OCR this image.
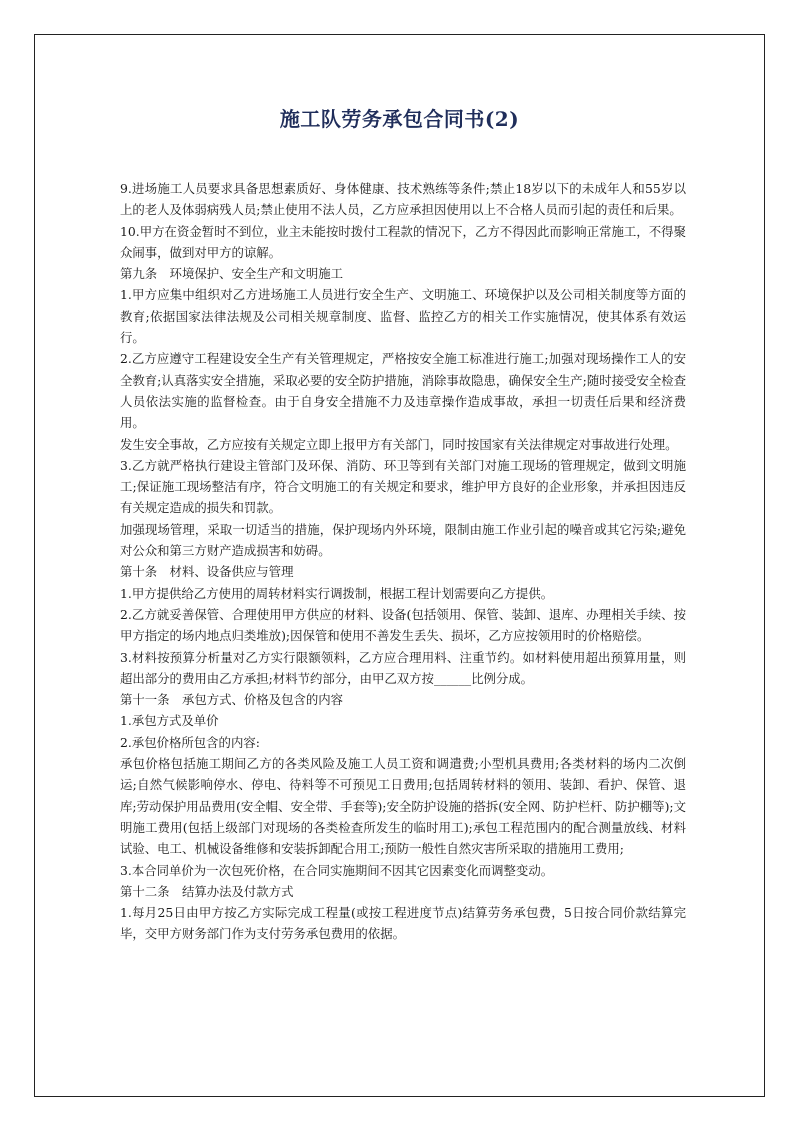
施工队劳务承包合同书(2)

9.进场施工人员要求具备思想素质好、身体健康、技术熟练等条件;禁止18岁以下的未成年人和55岁以上的老人及体弱病残人员;禁止使用不法人员，乙方应承担因使用以上不合格人员而引起的责任和后果。

10.甲方在资金暂时不到位，业主未能按时拨付工程款的情况下，乙方不得因此而影响正常施工，不得聚众闹事，做到对甲方的谅解。

第九条　环境保护、安全生产和文明施工

1.甲方应集中组织对乙方进场施工人员进行安全生产、文明施工、环境保护以及公司相关制度等方面的教育;依据国家法律法规及公司相关规章制度、监督、监控乙方的相关工作实施情况，使其体系有效运行。

2.乙方应遵守工程建设安全生产有关管理规定，严格按安全施工标准进行施工;加强对现场操作工人的安全教育;认真落实安全措施，采取必要的安全防护措施，消除事故隐患，确保安全生产;随时接受安全检查人员依法实施的监督检查。由于自身安全措施不力及违章操作造成事故，承担一切责任后果和经济费用。

发生安全事故，乙方应按有关规定立即上报甲方有关部门，同时按国家有关法律规定对事故进行处理。

3.乙方就严格执行建设主管部门及环保、消防、环卫等到有关部门对施工现场的管理规定，做到文明施工;保证施工现场整洁有序，符合文明施工的有关规定和要求，维护甲方良好的企业形象，并承担因违反有关规定造成的损失和罚款。

加强现场管理，采取一切适当的措施，保护现场内外环境，限制由施工作业引起的噪音或其它污染;避免对公众和第三方财产造成损害和妨碍。

第十条　材料、设备供应与管理

1.甲方提供给乙方使用的周转材料实行调拨制，根据工程计划需要向乙方提供。

2.乙方就妥善保管、合理使用甲方供应的材料、设备(包括领用、保管、装卸、退库、办理相关手续、按甲方指定的场内地点归类堆放);因保管和使用不善发生丢失、损坏，乙方应按领用时的价格赔偿。

3.材料按预算分析量对乙方实行限额领料，乙方应合理用料、注重节约。如材料使用超出预算用量，则超出部分的费用由乙方承担;材料节约部分，由甲乙双方按______比例分成。

第十一条　承包方式、价格及包含的内容

1.承包方式及单价

2.承包价格所包含的内容:

承包价格包括施工期间乙方的各类风险及施工人员工资和调遣费;小型机具费用;各类材料的场内二次倒运;自然气候影响停水、停电、待料等不可预见工日费用;包括周转材料的领用、装卸、看护、保管、退库;劳动保护用品费用(安全帽、安全带、手套等);安全防护设施的搭拆(安全网、防护栏杆、防护棚等);文明施工费用(包括上级部门对现场的各类检查所发生的临时用工);承包工程范围内的配合测量放线、材料试验、电工、机械设备维修和安装拆卸配合用工;预防一般性自然灾害所采取的措施用工费用;

3.本合同单价为一次包死价格，在合同实施期间不因其它因素变化而调整变动。

第十二条　结算办法及付款方式

1.每月25日由甲方按乙方实际完成工程量(或按工程进度节点)结算劳务承包费，5日按合同价款结算完毕，交甲方财务部门作为支付劳务承包费用的依据。
